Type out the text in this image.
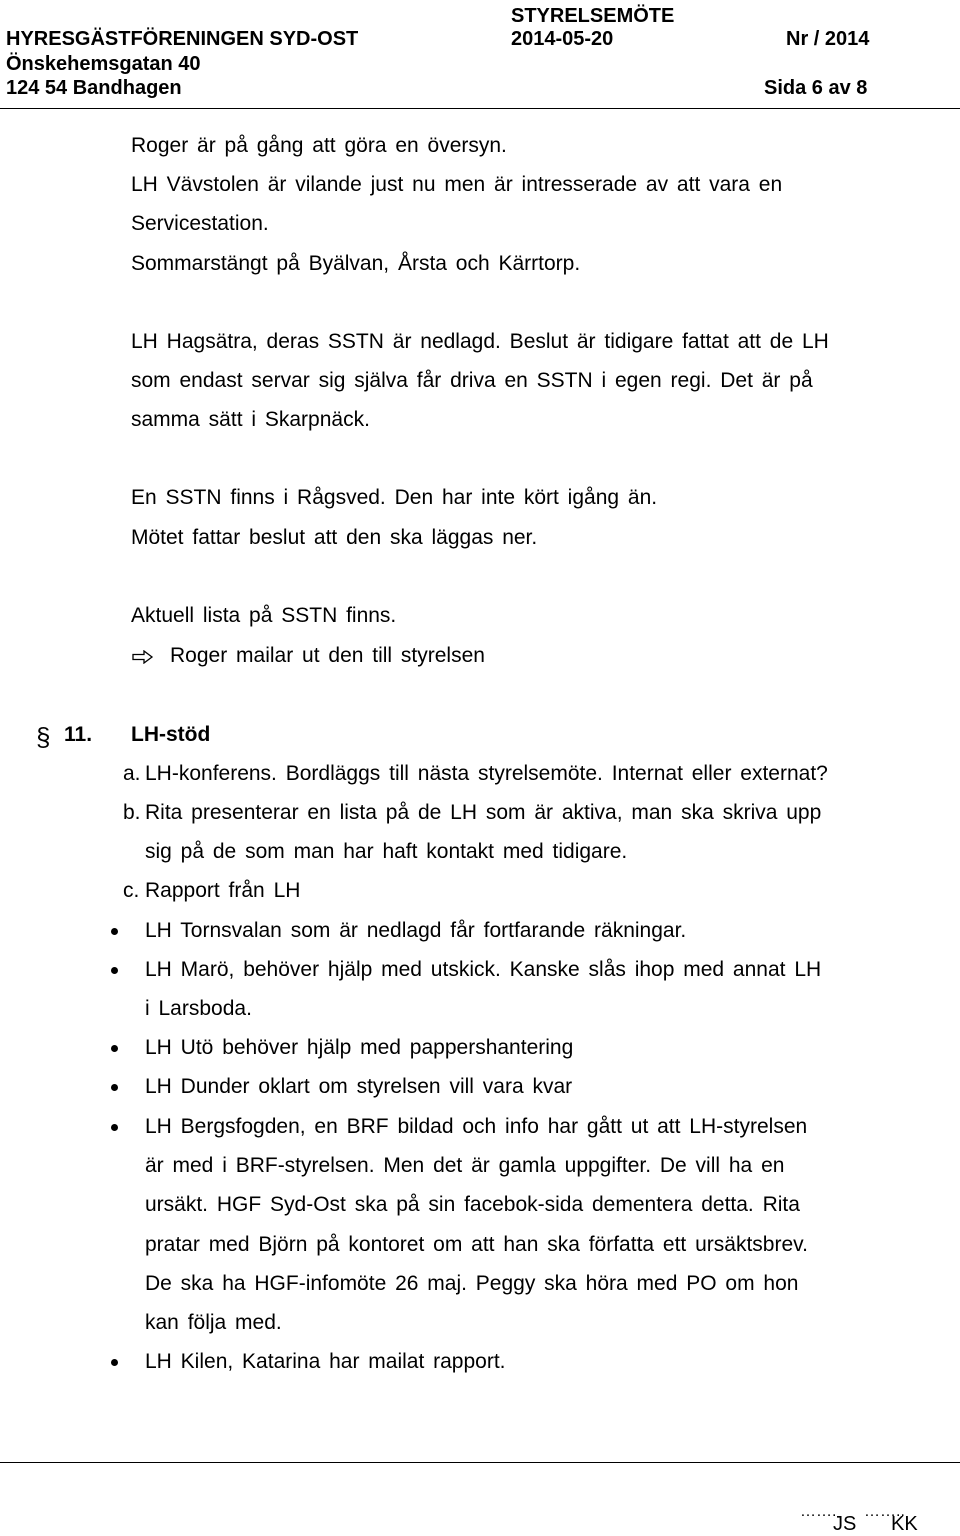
HYRESGÄSTFÖRENINGEN SYD-OST
Önskehemsgatan 40
124 54 Bandhagen
STYRELSEMÖTE
2014-05-20	Nr / 2014
Sida 6 av 8
Roger är på gång att göra en översyn.
LH Vävstolen är vilande just nu men är intresserade av att vara en
Servicestation.
Sommarstängt på Byälvan, Årsta och Kärrtorp.
LH Hagsätra, deras SSTN är nedlagd. Beslut är tidigare fattat att de LH
som endast servar sig själva får driva en SSTN i egen regi. Det är på
samma sätt i Skarpnäck.
En SSTN finns i Rågsved. Den har inte kört igång än.
Mötet fattar beslut att den ska läggas ner.
Aktuell lista på SSTN finns.
Roger mailar ut den till styrelsen
§ 11. LH-stöd
a. LH-konferens. Bordläggs till nästa styrelsemöte. Internat eller externat?
b. Rita presenterar en lista på de LH som är aktiva, man ska skriva upp
sig på de som man har haft kontakt med tidigare.
c. Rapport från LH
LH Tornsvalan som är nedlagd får fortfarande räkningar.
LH Marö, behöver hjälp med utskick. Kanske slås ihop med annat LH
i Larsboda.
LH Utö behöver hjälp med pappershantering
LH Dunder oklart om styrelsen vill vara kvar
LH Bergsfogden, en BRF bildad och info har gått ut att LH-styrelsen
är med i BRF-styrelsen. Men det är gamla uppgifter. De vill ha en
ursäkt. HGF Syd-Ost ska på sin facebok-sida dementera detta. Rita
pratar med Björn på kontoret om att han ska författa ett ursäktsbrev.
De ska ha HGF-infomöte 26 maj. Peggy ska höra med PO om hon
kan följa med.
LH Kilen, Katarina har mailat rapport.
……. ……..
JS KK
